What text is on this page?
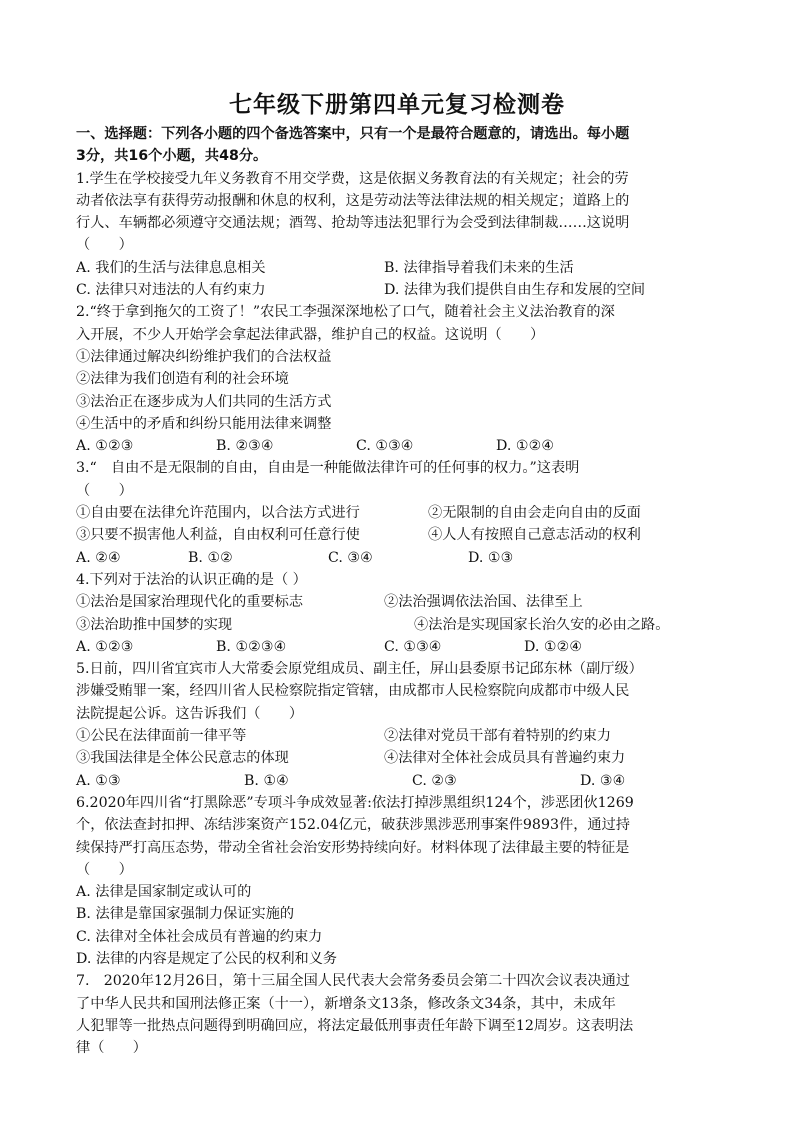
七年级下册第四单元复习检测卷
一、选择题：下列各小题的四个备选答案中，只有一个是最符合题意的，请选出。每小题
3分，共16个小题，共48分。
1.学生在学校接受九年义务教育不用交学费，这是依据义务教育法的有关规定；社会的劳
动者依法享有获得劳动报酬和休息的权利，这是劳动法等法律法规的相关规定；道路上的
行人、车辆都必须遵守交通法规；酒驾、抢劫等违法犯罪行为会受到法律制裁……这说明
（　　）
A. 我们的生活与法律息息相关	B. 法律指导着我们未来的生活
C. 法律只对违法的人有约束力	D. 法律为我们提供自由生存和发展的空间
2.“终于拿到拖欠的工资了！”农民工李强深深地松了口气，随着社会主义法治教育的深
入开展，不少人开始学会拿起法律武器，维护自己的权益。这说明（　　）
①法律通过解决纠纷维护我们的合法权益
②法律为我们创造有利的社会环境
③法治正在逐步成为人们共同的生活方式
④生活中的矛盾和纠纷只能用法律来调整
A. ①②③	B. ②③④	C. ①③④	D. ①②④
3.“　自由不是无限制的自由，自由是一种能做法律许可的任何事的权力。”这表明
（　　）
①自由要在法律允许范围内，以合法方式进行	②无限制的自由会走向自由的反面
③只要不损害他人利益，自由权利可任意行使	④人人有按照自己意志活动的权利
A. ②④	B. ①②	C. ③④	D. ①③
4.下列对于法治的认识正确的是（ ）
①法治是国家治理现代化的重要标志	②法治强调依法治国、法律至上
③法治助推中国梦的实现	④法治是实现国家长治久安的必由之路。
A. ①②③	B. ①②③④	C. ①③④	D. ①②④
5.日前，四川省宜宾市人大常委会原党组成员、副主任，屏山县委原书记邱东林（副厅级）
涉嫌受贿罪一案，经四川省人民检察院指定管辖，由成都市人民检察院向成都市中级人民
法院提起公诉。这告诉我们（　　）
①公民在法律面前一律平等	②法律对党员干部有着特别的约束力
③我国法律是全体公民意志的体现	④法律对全体社会成员具有普遍约束力
A. ①③	B. ①④	C. ②③	D. ③④
6.2020年四川省“打黑除恶”专项斗争成效显著:依法打掉涉黑组织124个，涉恶团伙1269
个，依法查封扣押、冻结涉案资产152.04亿元，破获涉黑涉恶刑事案件9893件，通过持
续保持严打高压态势，带动全省社会治安形势持续向好。材料体现了法律最主要的特征是
（　　）
A. 法律是国家制定或认可的
B. 法律是靠国家强制力保证实施的
C. 法律对全体社会成员有普遍的约束力
D. 法律的内容是规定了公民的权利和义务
7.　2020年12月26日，第十三届全国人民代表大会常务委员会第二十四次会议表决通过
了中华人民共和国刑法修正案（十一），新增条文13条，修改条文34条，其中，未成年
人犯罪等一批热点问题得到明确回应，将法定最低刑事责任年龄下调至12周岁。这表明法
律（　　）
